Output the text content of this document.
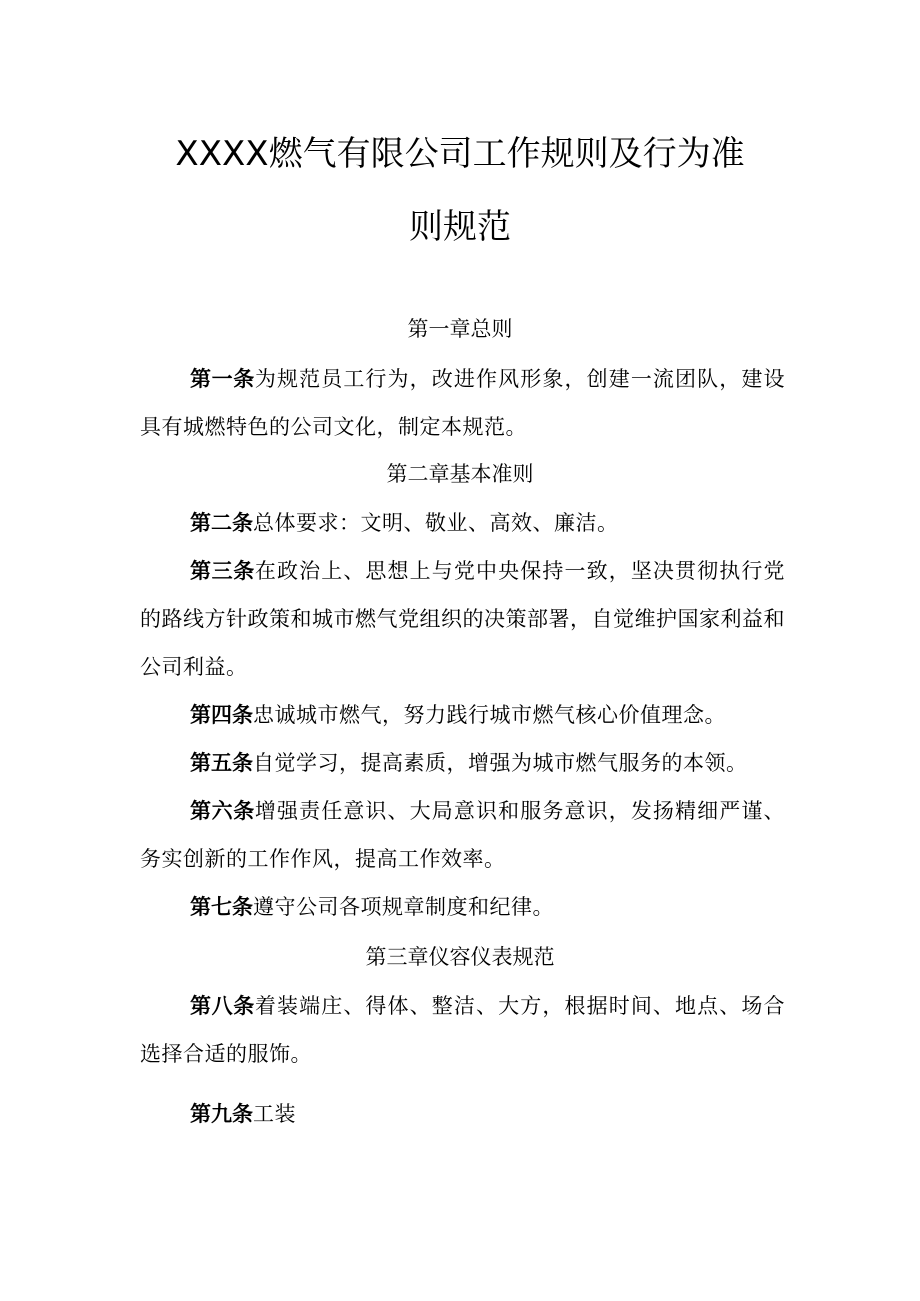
XXXX燃气有限公司工作规则及行为准
则规范
第一章总则
第一条为规范员工行为，改进作风形象，创建一流团队，建设具有城燃特色的公司文化，制定本规范。
第二章基本准则
第二条总体要求：文明、敬业、高效、廉洁。
第三条在政治上、思想上与党中央保持一致，坚决贯彻执行党的路线方针政策和城市燃气党组织的决策部署，自觉维护国家利益和公司利益。
第四条忠诚城市燃气，努力践行城市燃气核心价值理念。
第五条自觉学习，提高素质，增强为城市燃气服务的本领。
第六条增强责任意识、大局意识和服务意识，发扬精细严谨、务实创新的工作作风，提高工作效率。
第七条遵守公司各项规章制度和纪律。
第三章仪容仪表规范
第八条着装端庄、得体、整洁、大方，根据时间、地点、场合选择合适的服饰。
第九条工装
